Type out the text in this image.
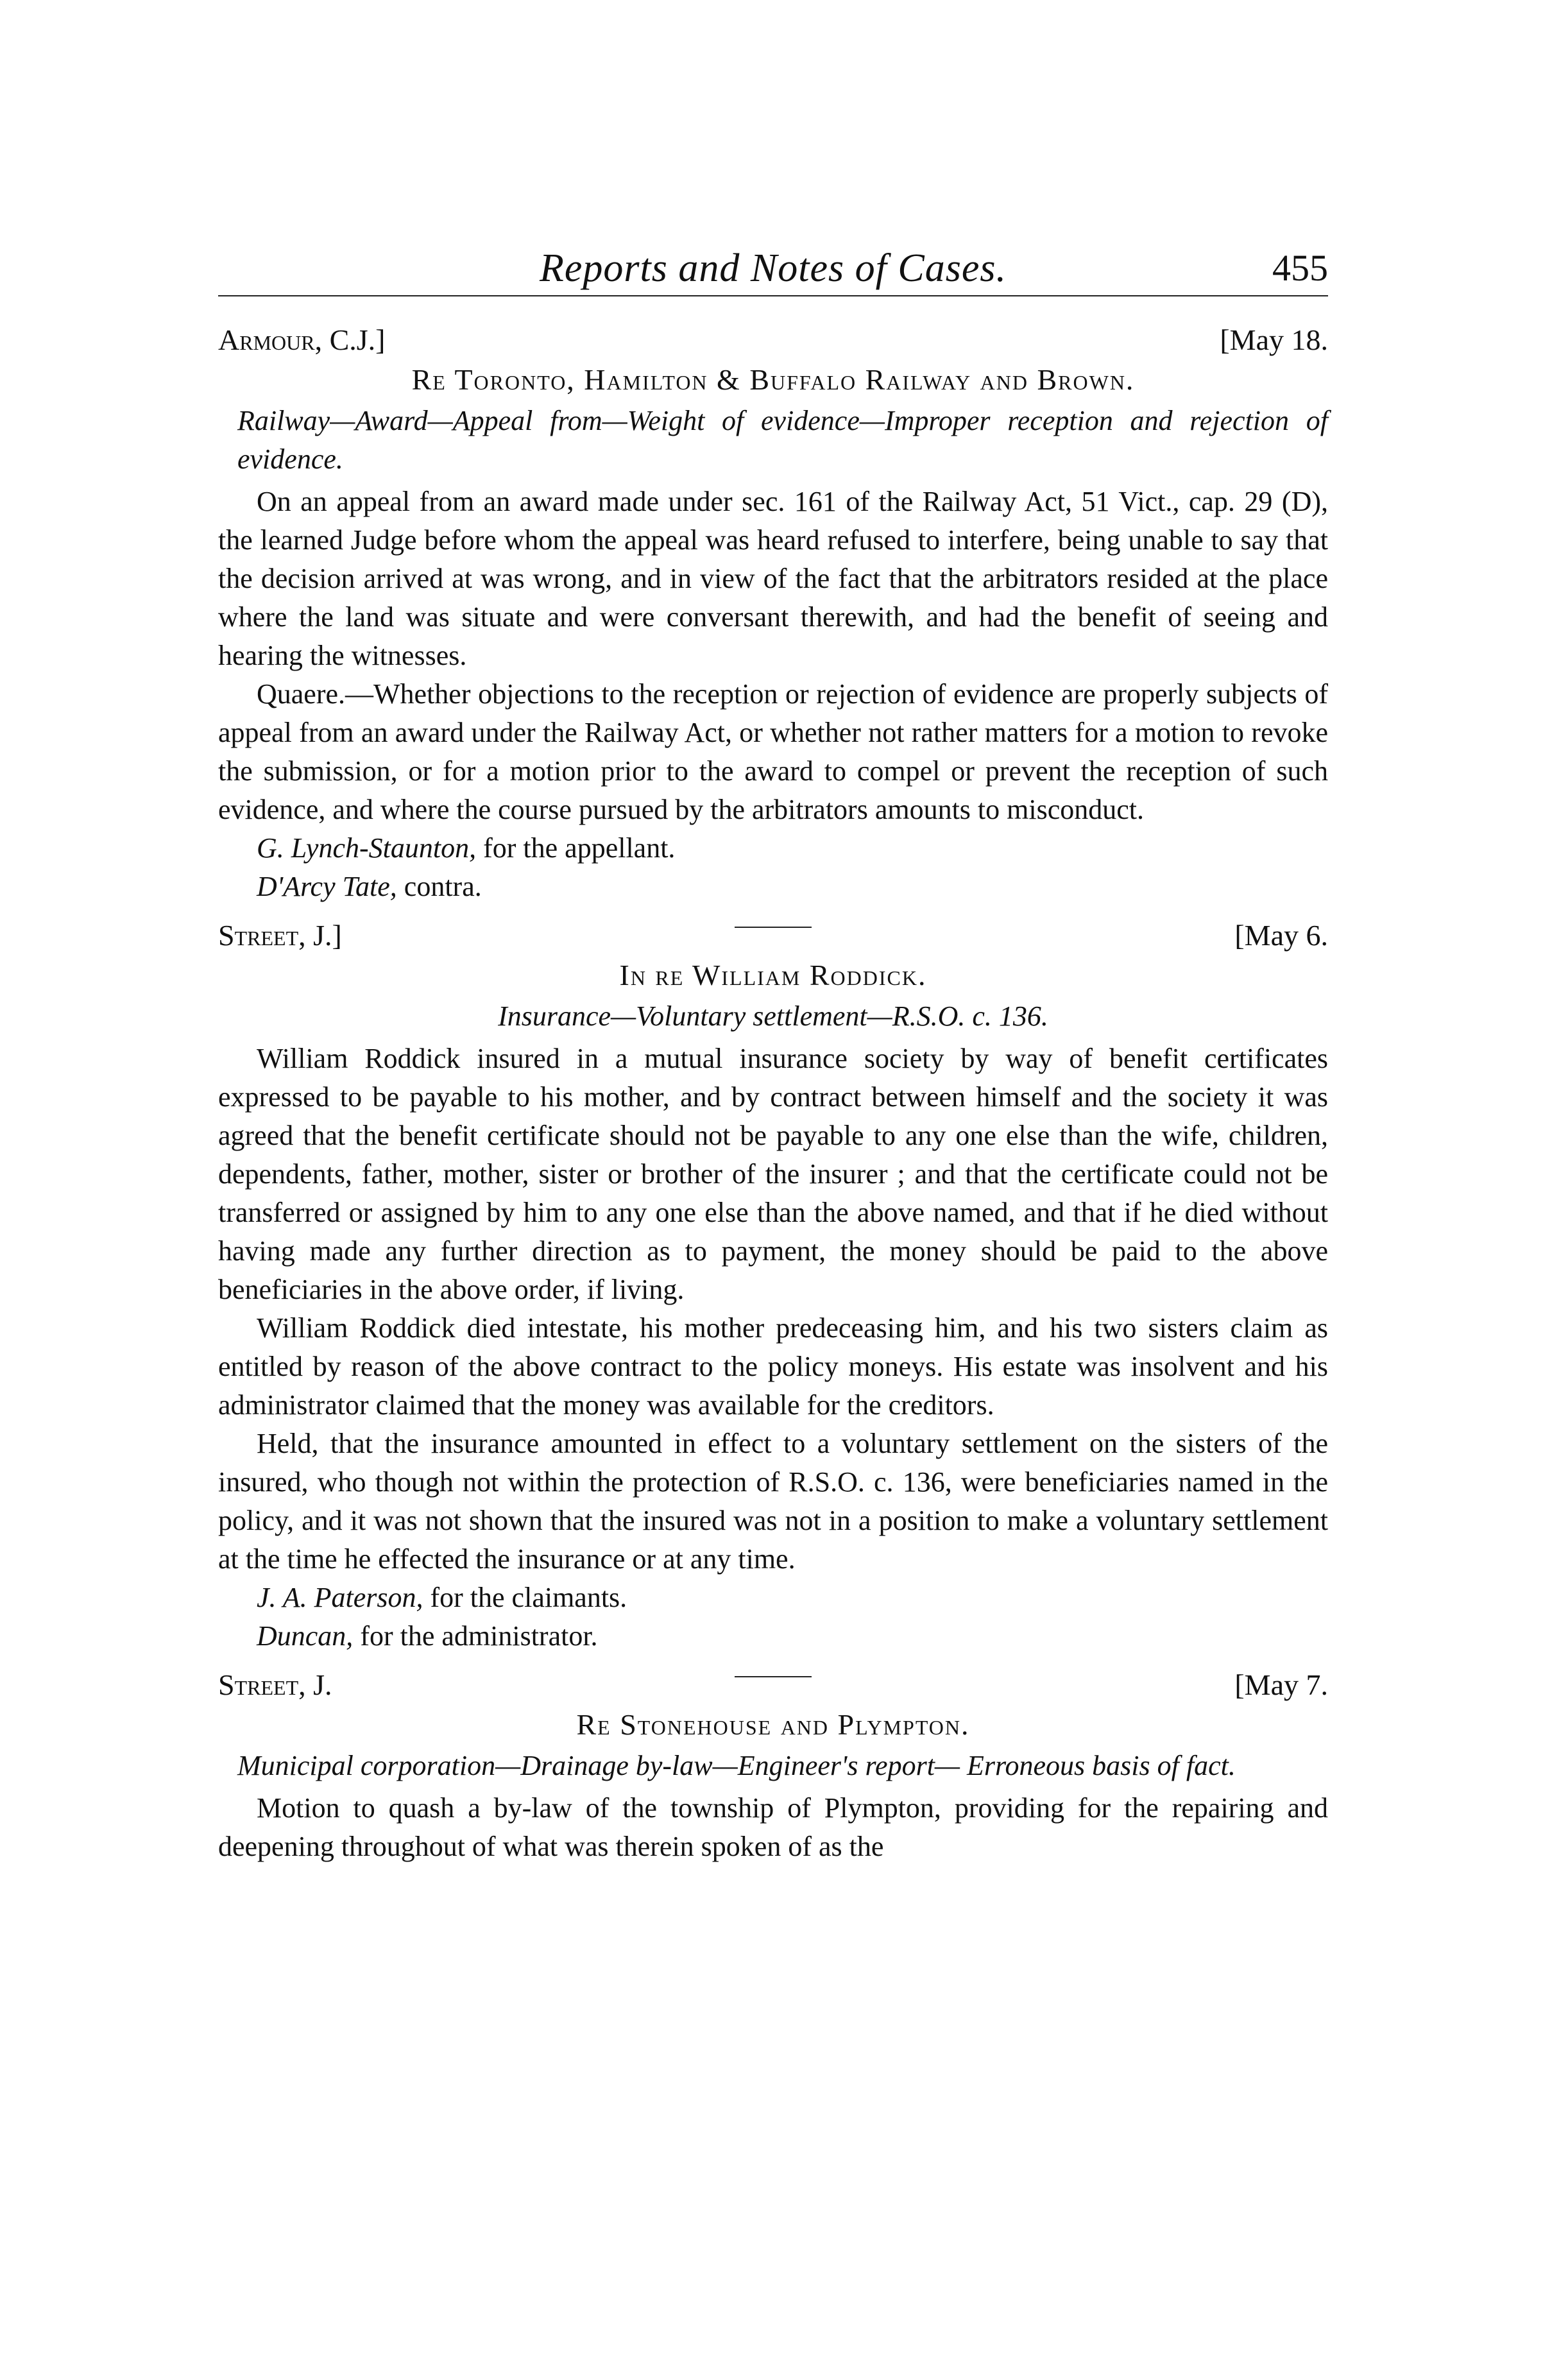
Reports and Notes of Cases.	455
Armour, C.J.]	[May 18.
Re Toronto, Hamilton & Buffalo Railway and Brown.
Railway—Award—Appeal from—Weight of evidence—Improper reception and rejection of evidence.

On an appeal from an award made under sec. 161 of the Railway Act, 51 Vict., cap. 29 (D), the learned Judge before whom the appeal was heard refused to interfere, being unable to say that the decision arrived at was wrong, and in view of the fact that the arbitrators resided at the place where the land was situate and were conversant therewith, and had the benefit of seeing and hearing the witnesses.

Quaere.—Whether objections to the reception or rejection of evidence are properly subjects of appeal from an award under the Railway Act, or whether not rather matters for a motion to revoke the submission, or for a motion prior to the award to compel or prevent the reception of such evidence, and where the course pursued by the arbitrators amounts to misconduct.

G. Lynch-Staunton, for the appellant.
D'Arcy Tate, contra.
Street, J.]	[May 6.
In re William Roddick.
Insurance—Voluntary settlement—R.S.O. c. 136.

William Roddick insured in a mutual insurance society by way of benefit certificates expressed to be payable to his mother, and by contract between himself and the society it was agreed that the benefit certificate should not be payable to any one else than the wife, children, dependents, father, mother, sister or brother of the insurer ; and that the certificate could not be transferred or assigned by him to any one else than the above named, and that if he died without having made any further direction as to payment, the money should be paid to the above beneficiaries in the above order, if living.

William Roddick died intestate, his mother predeceasing him, and his two sisters claim as entitled by reason of the above contract to the policy moneys. His estate was insolvent and his administrator claimed that the money was available for the creditors.

Held, that the insurance amounted in effect to a voluntary settlement on the sisters of the insured, who though not within the protection of R.S.O. c. 136, were beneficiaries named in the policy, and it was not shown that the insured was not in a position to make a voluntary settlement at the time he effected the insurance or at any time.

J. A. Paterson, for the claimants.
Duncan, for the administrator.
Street, J.	[May 7.
Re Stonehouse and Plympton.
Municipal corporation—Drainage by-law—Engineer's report— Erroneous basis of fact.

Motion to quash a by-law of the township of Plympton, providing for the repairing and deepening throughout of what was therein spoken of as the
